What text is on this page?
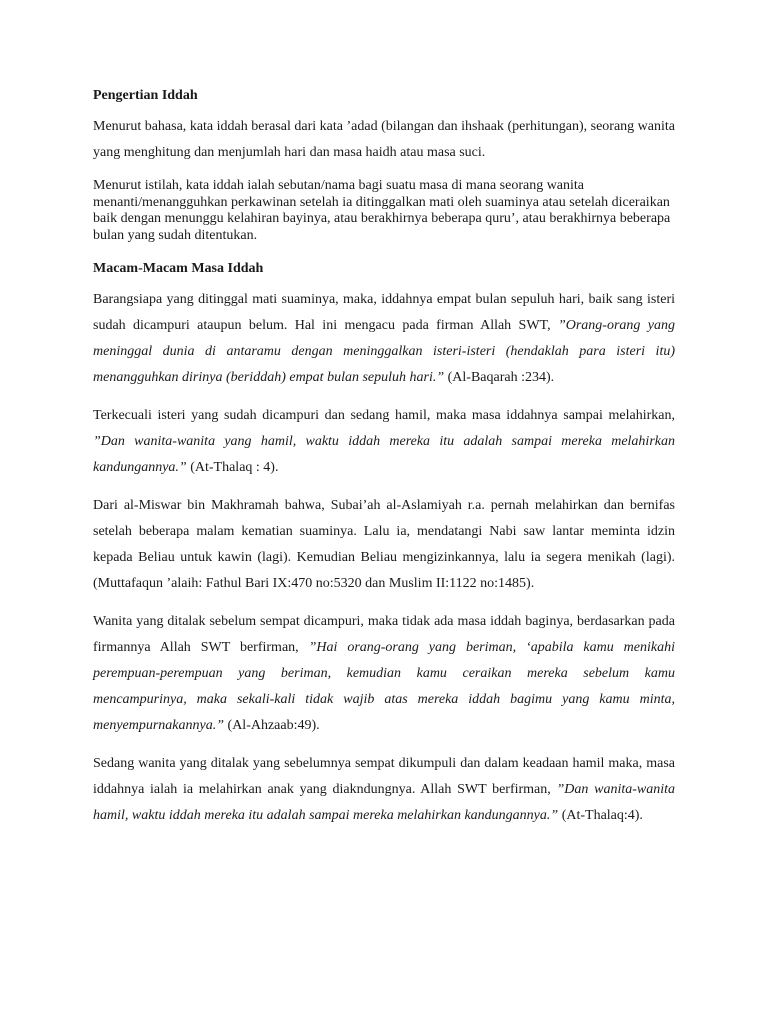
Pengertian Iddah

Menurut bahasa, kata iddah berasal dari kata ’adad (bilangan dan ihshaak (perhitungan), seorang wanita yang menghitung dan menjumlah hari dan masa haidh atau masa suci.

Menurut istilah, kata iddah ialah sebutan/nama bagi suatu masa di mana seorang wanita menanti/menangguhkan perkawinan setelah ia ditinggalkan mati oleh suaminya atau setelah diceraikan baik dengan menunggu kelahiran bayinya, atau berakhirnya beberapa quru’, atau berakhirnya beberapa bulan yang sudah ditentukan.

Macam-Macam Masa Iddah

Barangsiapa yang ditinggal mati suaminya, maka, iddahnya empat bulan sepuluh hari, baik sang isteri sudah dicampuri ataupun belum. Hal ini mengacu pada firman Allah SWT, ”Orang-orang yang meninggal dunia di antaramu dengan meninggalkan isteri-isteri (hendaklah para isteri itu) menangguhkan dirinya (beriddah) empat bulan sepuluh hari.” (Al-Baqarah :234).

Terkecuali isteri yang sudah dicampuri dan sedang hamil, maka masa iddahnya sampai melahirkan, ”Dan wanita-wanita yang hamil, waktu iddah mereka itu adalah sampai mereka melahirkan kandungannya.” (At-Thalaq : 4).

Dari al-Miswar bin Makhramah bahwa, Subai’ah al-Aslamiyah r.a. pernah melahirkan dan bernifas setelah beberapa malam kematian suaminya. Lalu ia, mendatangi Nabi saw lantar meminta idzin kepada Beliau untuk kawin (lagi). Kemudian Beliau mengizinkannya, lalu ia segera menikah (lagi). (Muttafaqun ’alaih: Fathul Bari IX:470 no:5320 dan Muslim II:1122 no:1485).

Wanita yang ditalak sebelum sempat dicampuri, maka tidak ada masa iddah baginya, berdasarkan pada firmannya Allah SWT berfirman, ”Hai orang-orang yang beriman, ‘apabila kamu menikahi perempuan-perempuan yang beriman, kemudian kamu ceraikan mereka sebelum kamu mencampurinya, maka sekali-kali tidak wajib atas mereka iddah bagimu yang kamu minta, menyempurnakannya.” (Al-Ahzaab:49).

Sedang wanita yang ditalak yang sebelumnya sempat dikumpuli dan dalam keadaan hamil maka, masa iddahnya ialah ia melahirkan anak yang diakndungnya. Allah SWT berfirman, ”Dan wanita-wanita hamil, waktu iddah mereka itu adalah sampai mereka melahirkan kandungannya.” (At-Thalaq:4).
